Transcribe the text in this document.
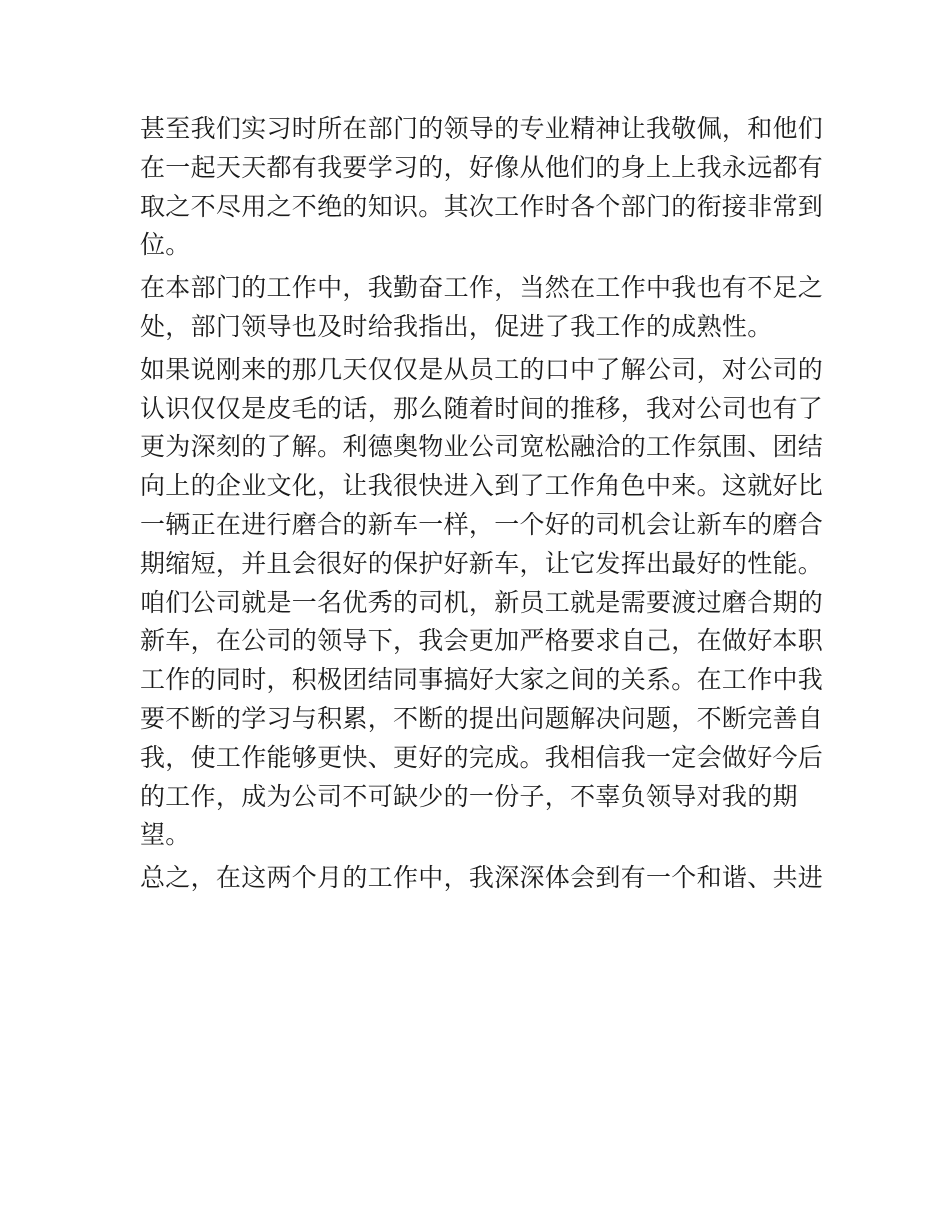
甚至我们实习时所在部门的领导的专业精神让我敬佩，和他们
在一起天天都有我要学习的，好像从他们的身上上我永远都有
取之不尽用之不绝的知识。其次工作时各个部门的衔接非常到
位。

在本部门的工作中，我勤奋工作，当然在工作中我也有不足之
处，部门领导也及时给我指出，促进了我工作的成熟性。

如果说刚来的那几天仅仅是从员工的口中了解公司，对公司的
认识仅仅是皮毛的话，那么随着时间的推移，我对公司也有了
更为深刻的了解。利德奥物业公司宽松融洽的工作氛围、团结
向上的企业文化，让我很快进入到了工作角色中来。这就好比
一辆正在进行磨合的新车一样，一个好的司机会让新车的磨合
期缩短，并且会很好的保护好新车，让它发挥出最好的性能。
咱们公司就是一名优秀的司机，新员工就是需要渡过磨合期的
新车，在公司的领导下，我会更加严格要求自己，在做好本职
工作的同时，积极团结同事搞好大家之间的关系。在工作中我
要不断的学习与积累，不断的提出问题解决问题，不断完善自
我，使工作能够更快、更好的完成。我相信我一定会做好今后
的工作，成为公司不可缺少的一份子，不辜负领导对我的期
望。

总之，在这两个月的工作中，我深深体会到有一个和谐、共进
